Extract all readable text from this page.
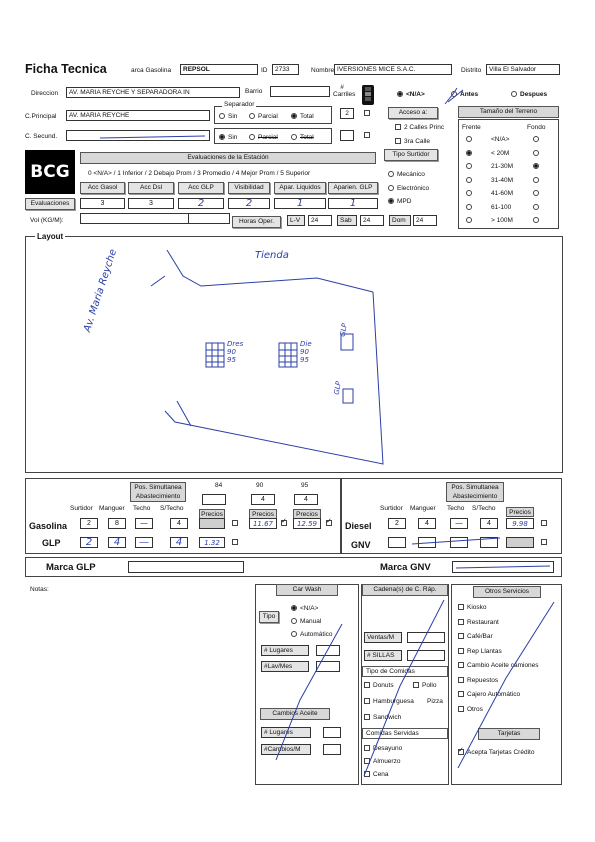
Ficha Tecnica	arca Gasolina	REPSOL	ID	2733	Nombre IVERSIONES MICE S.A.C.	Distrito	Villa El Salvador
Direccion	AV. MARIA REYCHE Y SEPARADORA IN	Barrio
C.Principal	AV. MARIA REYCHE
C. Secund.
Separador
Sin	Parcial	Total
Sin	Parcial	Total
# Carriles
2
<N/A>	Antes	Despues
Acceso a:
2 Calles Princ
3ra Calle
Tipo Surtidor
Mecánico
Electrónico
MPD
Tamaño del Terreno
Frente	Fondo
<N/A>
< 20M
21-30M
31-40M
41-60M
61-100
> 100M
BCG
Evaluaciones
Vol (KG/M):
Evaluaciones de la Estación
0 <N/A> / 1 Inferior / 2 Debajo Prom / 3 Promedio / 4 Mejor Prom / 5 Superior
Acc Gasol
3
Acc Dsl
3
Acc GLP
2
Visibilidad
2
Apar. Liquidos
1
Aparien. GLP
1
Horas Oper.	L-V	24	Sab	24	Dom	24
Layout
Tienda
Av. Maria Reyche
Dres 90 95
Die 90 95
GLP
GLP
Pos. Simultanea Abastecimiento
84	90	95
4	4
Surtidor Manguer Techo S/Techo
Precios	Precios	Precios
Gasolina	2	8	—	4	11.67
✓	12.59
✓
GLP	2	4	—	4	1.32
Pos. Simultanea Abastecimiento
Surtidor Manguer Techo S/Techo
Precios
Diesel	2	4	—	4	9.98
GNV
Marca GLP	Marca GNV
Notas:	Car Wash
Tipo
<N/A>
Manual
Automático
# Lugares
#Lav/Mes
Cambios Aceite
# Lugares
#Cambios/M
Cadena(s) de C. Ráp.
Ventas/M
# SILLAS
Tipo de Comidas
Donuts	Pollo
Hamburguesa Pizza
Sandwich
Comidas Servidas
Desayuno
Almuerzo
Cena
Otros Servicios
Kiosko
Restaurant
Café/Bar
Rep Llantas
Cambio Aceite camiones
Repuestos
Cajero Automático
Otros
Tarjetas
✓Acepta Tarjetas Crédito
